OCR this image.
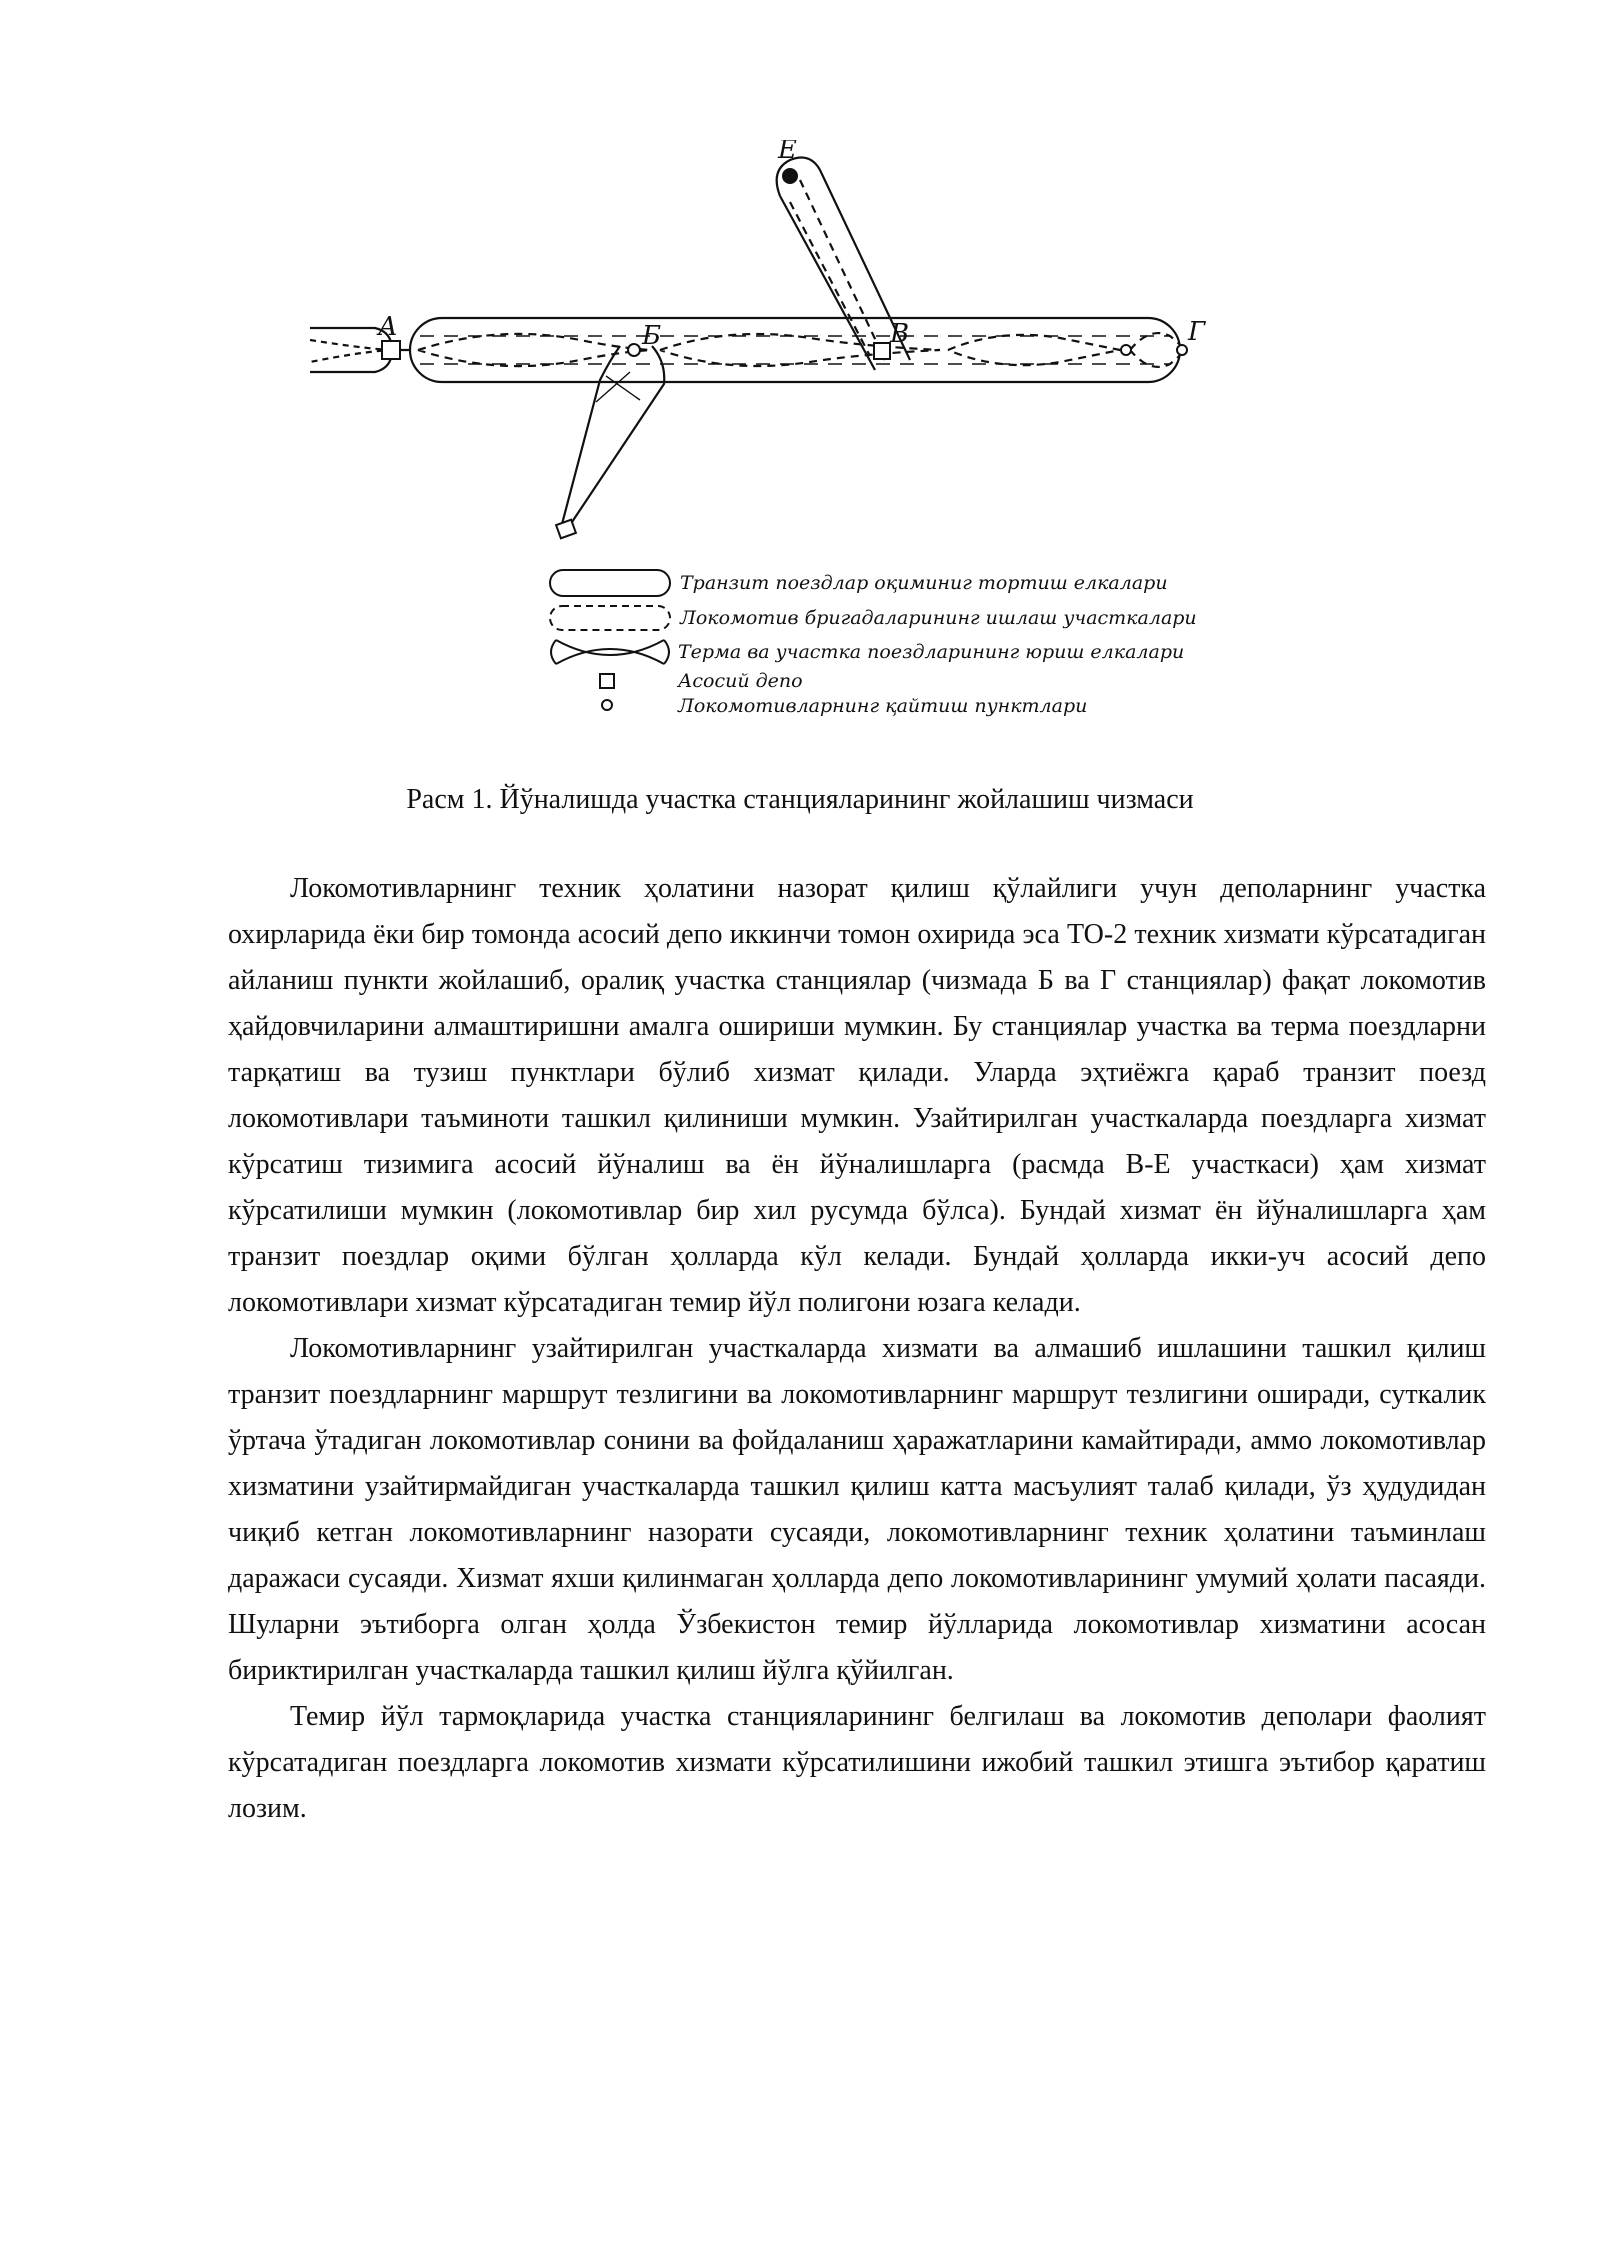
А	Б	В	Г
Е
Транзит поездлар оқиминиг тортиш елкалари
Локомотив бригадаларининг ишлаш участкалари
Терма ва участка поездларининг юриш елкалари
Асосий депо
Локомотивларнинг қайтиш пунктлари
Расм 1. Йўналишда участка станцияларининг жойлашиш чизмаси

Локомотивларнинг техник ҳолатини назорат қилиш қўлайлиги учун деполарнинг участка охирларида ёки бир томонда асосий депо иккинчи томон охирида эса ТО-2 техник хизмати кўрсатадиган айланиш пункти жойлашиб, оралиқ участка станциялар (чизмада Б ва Г станциялар) фақат локомотив ҳайдовчиларини алмаштиришни амалга ошириши мумкин. Бу станциялар участка ва терма поездларни тарқатиш ва тузиш пунктлари бўлиб хизмат қилади. Уларда эҳтиёжга қараб транзит поезд локомотивлари таъминоти ташкил қилиниши мумкин. Узайтирилган участкаларда поездларга хизмат кўрсатиш тизимига асосий йўналиш ва ён йўналишларга (расмда В-Е участкаси) ҳам хизмат кўрсатилиши мумкин (локомотивлар бир хил русумда бўлса). Бундай хизмат ён йўналишларга ҳам транзит поездлар оқими бўлган ҳолларда кўл келади. Бундай ҳолларда икки-уч асосий депо локомотивлари хизмат кўрсатадиган темир йўл полигони юзага келади.

Локомотивларнинг узайтирилган участкаларда хизмати ва алмашиб ишлашини ташкил қилиш транзит поездларнинг маршрут тезлигини ва локомотивларнинг маршрут тезлигини оширади, суткалик ўртача ўтадиган локомотивлар сонини ва фойдаланиш ҳаражатларини камайтиради, аммо локомотивлар хизматини узайтирмайдиган участкаларда ташкил қилиш катта масъулият талаб қилади, ўз ҳудудидан чиқиб кетган локомотивларнинг назорати сусаяди, локомотивларнинг техник ҳолатини таъминлаш даражаси сусаяди. Хизмат яхши қилинмаган ҳолларда депо локомотивларининг умумий ҳолати пасаяди. Шуларни эътиборга олган ҳолда Ўзбекистон темир йўлларида локомотивлар хизматини асосан бириктирилган участкаларда ташкил қилиш йўлга қўйилган.

Темир йўл тармоқларида участка станцияларининг белгилаш ва локомотив деполари фаолият кўрсатадиган поездларга локомотив хизмати кўрсатилишини ижобий ташкил этишга эътибор қаратиш лозим.
